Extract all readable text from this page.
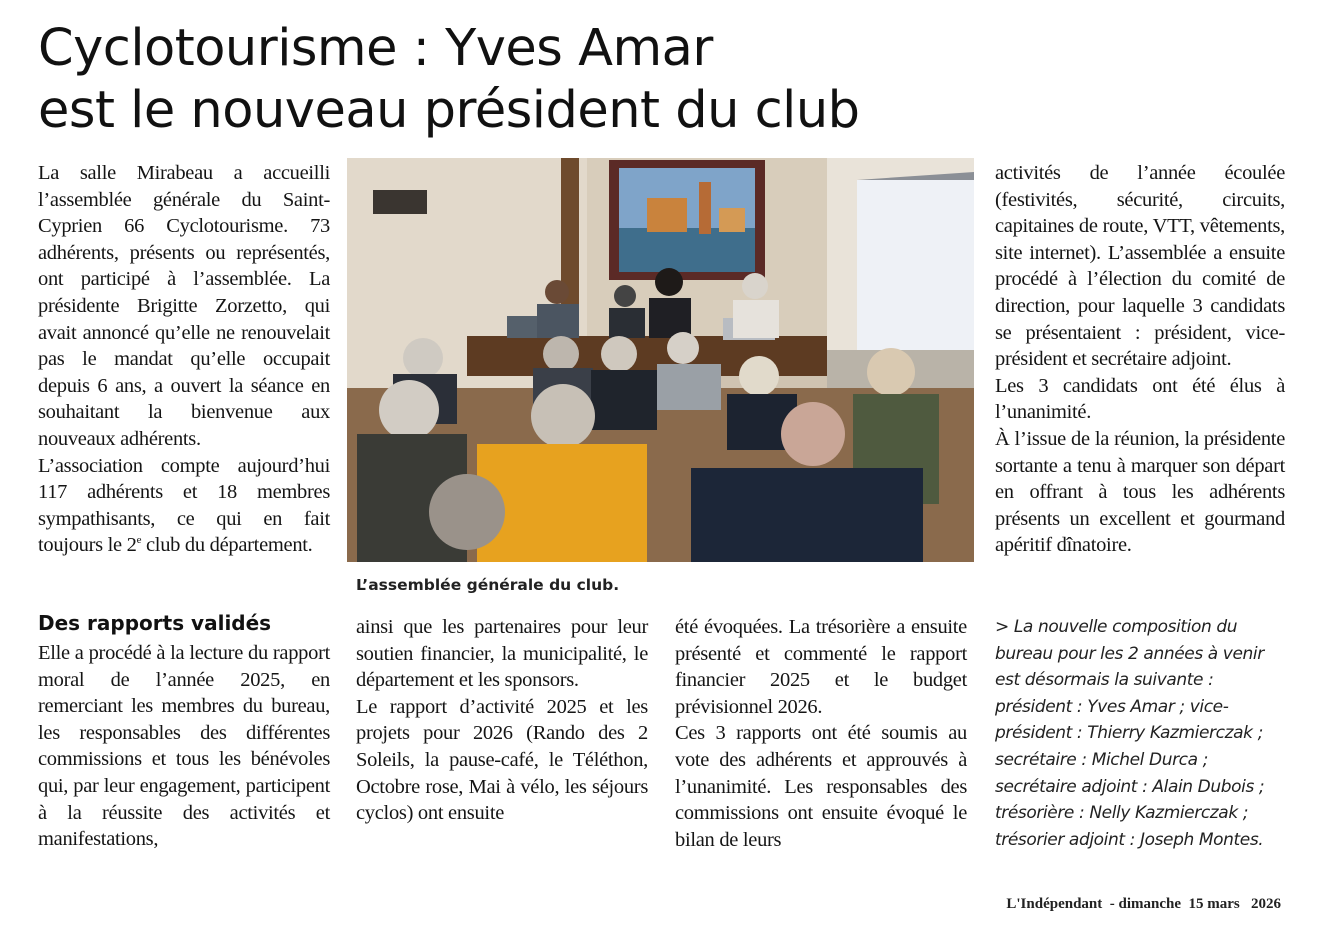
Cyclotourisme : Yves Amar
est le nouveau président du club

La salle Mirabeau a accueilli l’assemblée générale du Saint-Cyprien 66 Cyclotourisme. 73 adhérents, présents ou représentés, ont participé à l’assemblée. La présidente Brigitte Zorzetto, qui avait annoncé qu’elle ne renouvelait pas le mandat qu’elle occupait depuis 6 ans, a ouvert la séance en souhaitant la bienvenue aux nouveaux adhérents.

L’association compte aujourd’hui 117 adhérents et 18 membres sympathisants, ce qui en fait toujours le 2e club du département.

L’assemblée générale du club.
Des rapports validés

Elle a procédé à la lecture du rapport moral de l’année 2025, en remerciant les membres du bureau, les responsables des différentes commissions et tous les bénévoles qui, par leur engagement, participent à la réussite des activités et manifestations,

ainsi que les partenaires pour leur soutien financier, la municipalité, le département et les sponsors.

Le rapport d’activité 2025 et les projets pour 2026 (Rando des 2 Soleils, la pause-café, le Téléthon, Octobre rose, Mai à vélo, les séjours cyclos) ont ensuite

été évoquées. La trésorière a ensuite présenté et commenté le rapport financier 2025 et le budget prévisionnel 2026.

Ces 3 rapports ont été soumis au vote des adhérents et approuvés à l’unanimité. Les responsables des commissions ont ensuite évoqué le bilan de leurs

activités de l’année écoulée (festivités, sécurité, circuits, capitaines de route, VTT, vêtements, site internet). L’assemblée a ensuite procédé à l’élection du comité de direction, pour laquelle 3 candidats se présentaient : président, vice-président et secrétaire adjoint.

Les 3 candidats ont été élus à l’unanimité.

À l’issue de la réunion, la présidente sortante a tenu à marquer son départ en offrant à tous les adhérents présents un excellent et gourmand apéritif dînatoire.

> La nouvelle composition du bureau pour les 2 années à venir est désormais la suivante : président : Yves Amar ; vice-président : Thierry Kazmierczak ; secrétaire : Michel Durca ; secrétaire adjoint : Alain Dubois ; trésorière : Nelly Kazmierczak ; trésorier adjoint : Joseph Montes.
L'Indépendant  - dimanche  15 mars   2026
